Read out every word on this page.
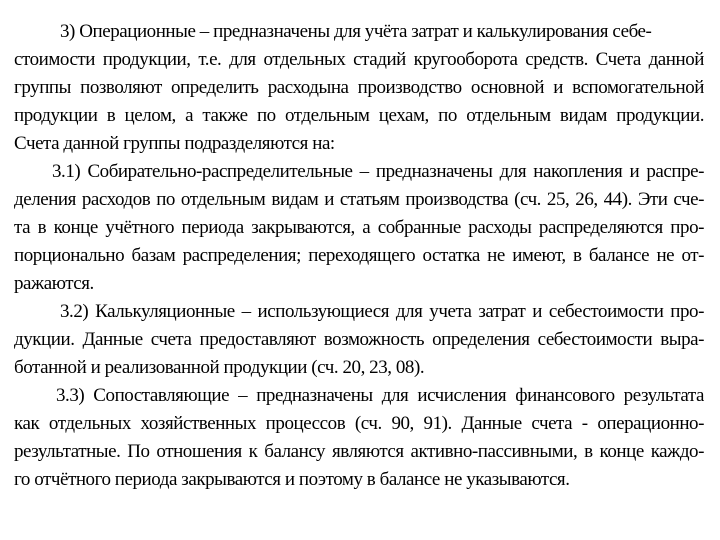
3) Операционные – предназначены для учёта затрат и калькулирования себе-
стоимости продукции, т.е. для отдельных стадий кругооборота средств. Счета данной
группы позволяют определить расходына производство основной и вспомогательной
продукции в целом, а также по отдельным цехам, по отдельным видам продукции.
Счета данной группы подразделяются на:
3.1) Собирательно-распределительные – предназначены для накопления и распре-
деления расходов по отдельным видам и статьям производства (сч. 25, 26, 44). Эти сче-
та в конце учётного периода закрываются, а собранные расходы распределяются про-
порционально базам распределения; переходящего остатка не имеют, в балансе не от-
ражаются.
3.2) Калькуляционные – использующиеся для учета затрат и себестоимости про-
дукции. Данные счета предоставляют возможность определения себестоимости выра-
ботанной и реализованной продукции (сч. 20, 23, 08).
3.3) Сопоставляющие – предназначены для исчисления финансового результата
как отдельных хозяйственных процессов (сч. 90, 91). Данные счета - операционно-
результатные. По отношения к балансу являются активно-пассивными, в конце каждо-
го отчётного периода закрываются и поэтому в балансе не указываются.
